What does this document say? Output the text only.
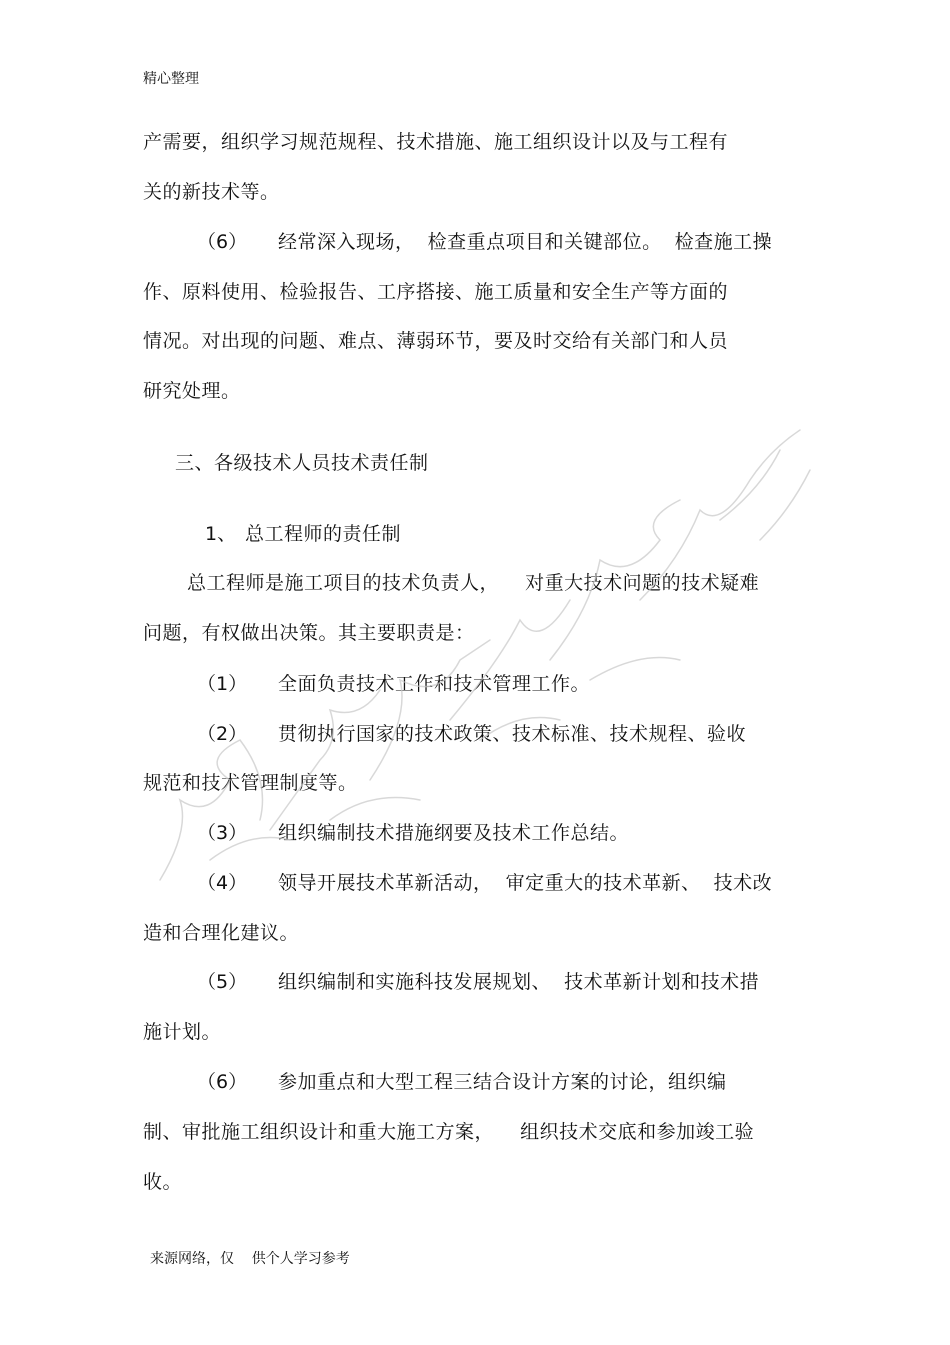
精心整理
产需要，组织学习规范规程、技术措施、施工组织设计以及与工程有
关的新技术等。
（6） 经常深入现场，  检查重点项目和关键部位。  检查施工操
作、原料使用、检验报告、工序搭接、施工质量和安全生产等方面的
情况。对出现的问题、难点、薄弱环节，要及时交给有关部门和人员
研究处理。
三、各级技术人员技术责任制
1、 总工程师的责任制
总工程师是施工项目的技术负责人，    对重大技术问题的技术疑难
问题，有权做出决策。其主要职责是：
（1） 全面负责技术工作和技术管理工作。
（2） 贯彻执行国家的技术政策、技术标准、技术规程、验收
规范和技术管理制度等。
（3） 组织编制技术措施纲要及技术工作总结。
（4） 领导开展技术革新活动，  审定重大的技术革新、  技术改
造和合理化建议。
（5） 组织编制和实施科技发展规划、  技术革新计划和技术措
施计划。
（6） 参加重点和大型工程三结合设计方案的讨论，组织编
制、审批施工组织设计和重大施工方案，    组织技术交底和参加竣工验
收。
来源网络，仅    供个人学习参考
